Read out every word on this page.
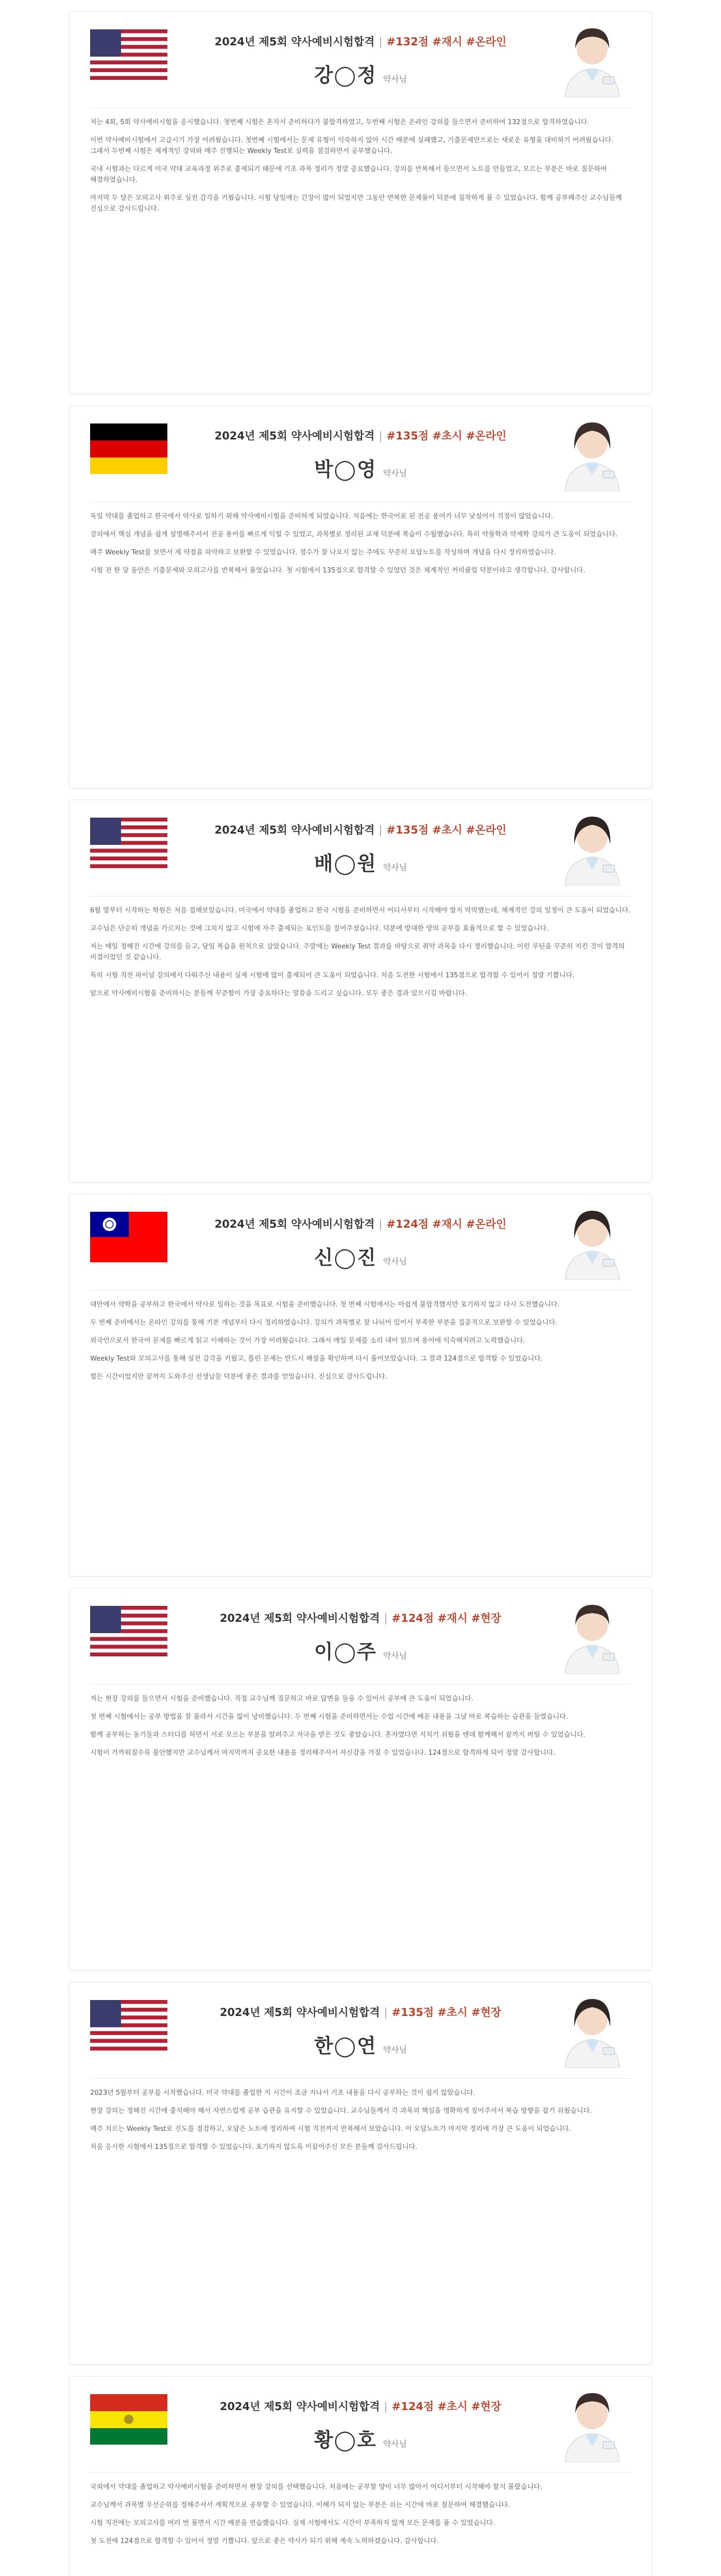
2024년 제5회 약사예비시험합격 | #132점 #재시 #온라인
강◯정 약사님

저는 4회, 5회 약사예비시험을 응시했습니다. 첫번째 시험은 혼자서 준비하다가 불합격하였고, 두번째 시험은 온라인 강의를 들으면서 준비하여 132점으로 합격하였습니다.

이번 약사예비시험에서 고급시기 가장 어려웠습니다. 첫번째 시험에서는 문제 유형이 익숙하지 않아 시간 배분에 실패했고, 기출문제만으로는 새로운 유형을 대비하기 어려웠습니다. 그래서 두번째 시험은 체계적인 강의와 매주 진행되는 Weekly Test로 실력을 점검하면서 공부했습니다.

국내 시험과는 다르게 미국 약대 교육과정 위주로 출제되기 때문에 기초 과목 정리가 정말 중요했습니다. 강의를 반복해서 들으면서 노트를 만들었고, 모르는 부분은 바로 질문하여 해결하였습니다.

마지막 두 달은 모의고사 위주로 실전 감각을 키웠습니다. 시험 당일에는 긴장이 많이 되었지만 그동안 반복한 문제풀이 덕분에 침착하게 풀 수 있었습니다. 함께 공부해주신 교수님들께 진심으로 감사드립니다.

2024년 제5회 약사예비시험합격 | #135점 #초시 #온라인
박◯영 약사님

독일 약대를 졸업하고 한국에서 약사로 일하기 위해 약사예비시험을 준비하게 되었습니다. 처음에는 한국어로 된 전공 용어가 너무 낯설어서 걱정이 많았습니다.

강의에서 핵심 개념을 쉽게 설명해주셔서 전공 용어를 빠르게 익힐 수 있었고, 과목별로 정리된 교재 덕분에 복습이 수월했습니다. 특히 약물학과 약제학 강의가 큰 도움이 되었습니다.

매주 Weekly Test를 보면서 제 약점을 파악하고 보완할 수 있었습니다. 점수가 잘 나오지 않는 주에도 꾸준히 오답노트를 작성하며 개념을 다시 정리하였습니다.

시험 전 한 달 동안은 기출문제와 모의고사를 반복해서 풀었습니다. 첫 시험에서 135점으로 합격할 수 있었던 것은 체계적인 커리큘럼 덕분이라고 생각합니다. 감사합니다.

2024년 제5회 약사예비시험합격 | #135점 #초시 #온라인
배◯원 약사님

6월 말부터 시작하는 학원은 처음 접해보았습니다. 미국에서 약대를 졸업하고 한국 시험을 준비하면서 어디서부터 시작해야 할지 막막했는데, 체계적인 강의 일정이 큰 도움이 되었습니다.

교수님은 단순히 개념을 가르치는 것에 그치지 않고 시험에 자주 출제되는 포인트를 짚어주셨습니다. 덕분에 방대한 양의 공부를 효율적으로 할 수 있었습니다.

저는 매일 정해진 시간에 강의를 듣고, 당일 복습을 원칙으로 삼았습니다. 주말에는 Weekly Test 결과를 바탕으로 취약 과목을 다시 정리했습니다. 이런 루틴을 꾸준히 지킨 것이 합격의 비결이었던 것 같습니다.

특히 시험 직전 파이널 강의에서 다뤄주신 내용이 실제 시험에 많이 출제되어 큰 도움이 되었습니다. 처음 도전한 시험에서 135점으로 합격할 수 있어서 정말 기쁩니다.

앞으로 약사예비시험을 준비하시는 분들께 꾸준함이 가장 중요하다는 말씀을 드리고 싶습니다. 모두 좋은 결과 있으시길 바랍니다.

2024년 제5회 약사예비시험합격 | #124점 #재시 #온라인
신◯진 약사님

대만에서 약학을 공부하고 한국에서 약사로 일하는 것을 목표로 시험을 준비했습니다. 첫 번째 시험에서는 아쉽게 불합격했지만 포기하지 않고 다시 도전했습니다.

두 번째 준비에서는 온라인 강의를 통해 기본 개념부터 다시 정리하였습니다. 강의가 과목별로 잘 나뉘어 있어서 부족한 부분을 집중적으로 보완할 수 있었습니다.

외국인으로서 한국어 문제를 빠르게 읽고 이해하는 것이 가장 어려웠습니다. 그래서 매일 문제를 소리 내어 읽으며 용어에 익숙해지려고 노력했습니다.

Weekly Test와 모의고사를 통해 실전 감각을 키웠고, 틀린 문제는 반드시 해설을 확인하며 다시 풀어보았습니다. 그 결과 124점으로 합격할 수 있었습니다.

힘든 시간이었지만 끝까지 도와주신 선생님들 덕분에 좋은 결과를 얻었습니다. 진심으로 감사드립니다.

2024년 제5회 약사예비시험합격 | #124점 #재시 #현장
이◯주 약사님

저는 현장 강의를 들으면서 시험을 준비했습니다. 직접 교수님께 질문하고 바로 답변을 들을 수 있어서 공부에 큰 도움이 되었습니다.

첫 번째 시험에서는 공부 방법을 잘 몰라서 시간을 많이 낭비했습니다. 두 번째 시험을 준비하면서는 수업 시간에 배운 내용을 그날 바로 복습하는 습관을 들였습니다.

함께 공부하는 동기들과 스터디를 하면서 서로 모르는 부분을 알려주고 자극을 받은 것도 좋았습니다. 혼자였다면 지치기 쉬웠을 텐데 함께해서 끝까지 버틸 수 있었습니다.

시험이 가까워질수록 불안했지만 교수님께서 마지막까지 중요한 내용을 정리해주셔서 자신감을 가질 수 있었습니다. 124점으로 합격하게 되어 정말 감사합니다.

2024년 제5회 약사예비시험합격 | #135점 #초시 #현장
한◯연 약사님

2023년 5월부터 공부를 시작했습니다. 미국 약대를 졸업한 지 시간이 조금 지나서 기초 내용을 다시 공부하는 것이 쉽지 않았습니다.

현장 강의는 정해진 시간에 출석해야 해서 자연스럽게 공부 습관을 유지할 수 있었습니다. 교수님들께서 각 과목의 핵심을 명확하게 짚어주셔서 복습 방향을 잡기 쉬웠습니다.

매주 치르는 Weekly Test로 진도를 점검하고, 오답은 노트에 정리하여 시험 직전까지 반복해서 보았습니다. 이 오답노트가 마지막 정리에 가장 큰 도움이 되었습니다.

처음 응시한 시험에서 135점으로 합격할 수 있었습니다. 포기하지 않도록 이끌어주신 모든 분들께 감사드립니다.

2024년 제5회 약사예비시험합격 | #124점 #초시 #현장
황◯호 약사님

국외에서 약대를 졸업하고 약사예비시험을 준비하면서 현장 강의를 선택했습니다. 처음에는 공부할 양이 너무 많아서 어디서부터 시작해야 할지 몰랐습니다.

교수님께서 과목별 우선순위를 정해주셔서 계획적으로 공부할 수 있었습니다. 이해가 되지 않는 부분은 쉬는 시간에 바로 질문하여 해결했습니다.

시험 직전에는 모의고사를 여러 번 풀면서 시간 배분을 연습했습니다. 실제 시험에서도 시간이 부족하지 않게 모든 문제를 풀 수 있었습니다.

첫 도전에 124점으로 합격할 수 있어서 정말 기쁩니다. 앞으로 좋은 약사가 되기 위해 계속 노력하겠습니다. 감사합니다.
